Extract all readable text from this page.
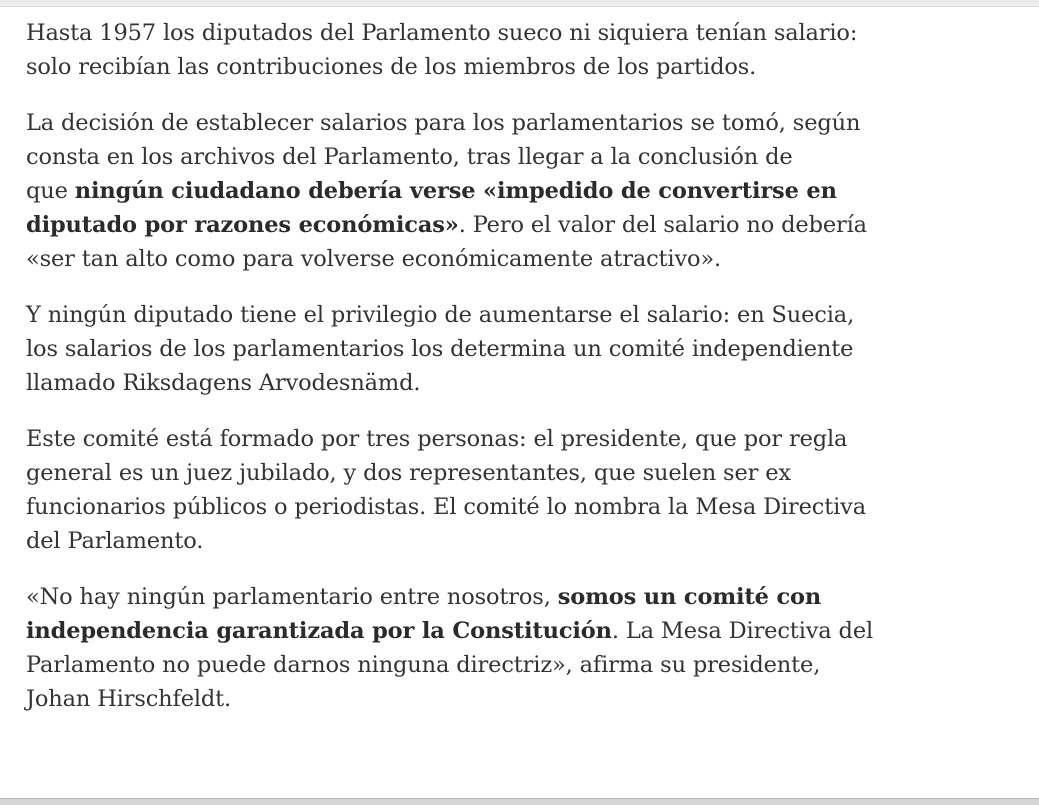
Hasta 1957 los diputados del Parlamento sueco ni siquiera tenían salario:
solo recibían las contribuciones de los miembros de los partidos.

La decisión de establecer salarios para los parlamentarios se tomó, según
consta en los archivos del Parlamento, tras llegar a la conclusión de
que ningún ciudadano debería verse «impedido de convertirse en
diputado por razones económicas». Pero el valor del salario no debería
«ser tan alto como para volverse económicamente atractivo».

Y ningún diputado tiene el privilegio de aumentarse el salario: en Suecia,
los salarios de los parlamentarios los determina un comité independiente
llamado Riksdagens Arvodesnämd.

Este comité está formado por tres personas: el presidente, que por regla
general es un juez jubilado, y dos representantes, que suelen ser ex
funcionarios públicos o periodistas. El comité lo nombra la Mesa Directiva
del Parlamento.

«No hay ningún parlamentario entre nosotros, somos un comité con
independencia garantizada por la Constitución. La Mesa Directiva del
Parlamento no puede darnos ninguna directriz», afirma su presidente,
Johan Hirschfeldt.
